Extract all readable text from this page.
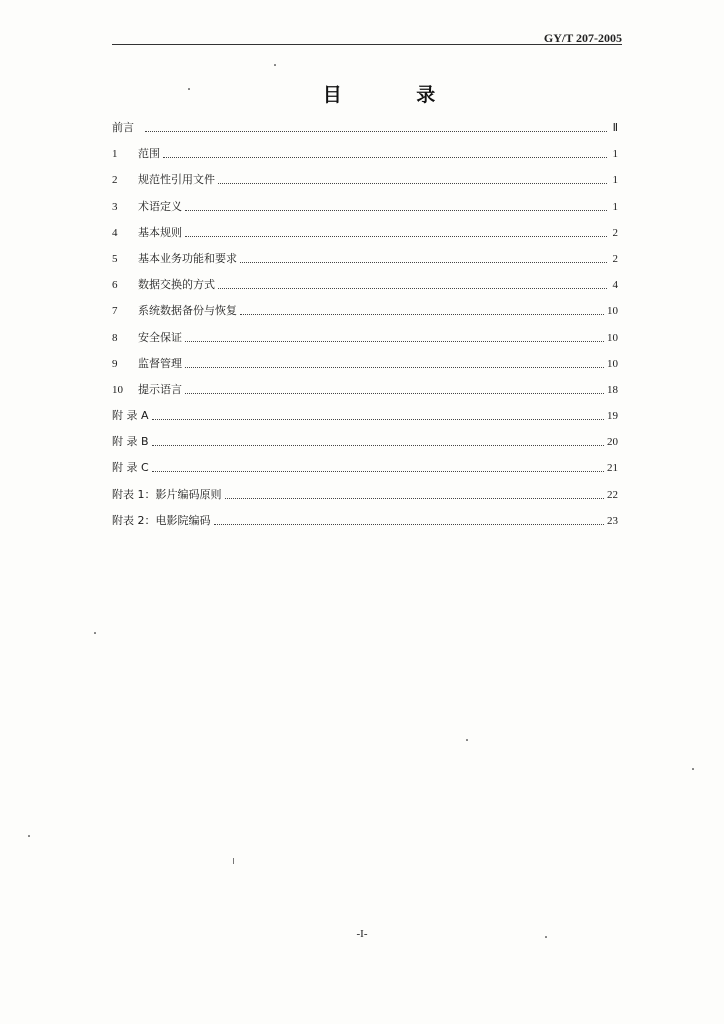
GY/T 207-2005
目 录
前言	Ⅱ
1	范围	1
2	规范性引用文件	1
3	术语定义	1
4	基本规则	2
5	基本业务功能和要求	2
6	数据交换的方式	4
7	系统数据备份与恢复	10
8	安全保证	10
9	监督管理	10
10	提示语言	18
附 录 A	19
附 录 B	20
附 录 C	21
附表 1：影片编码原则	22
附表 2：电影院编码	23
-I-
